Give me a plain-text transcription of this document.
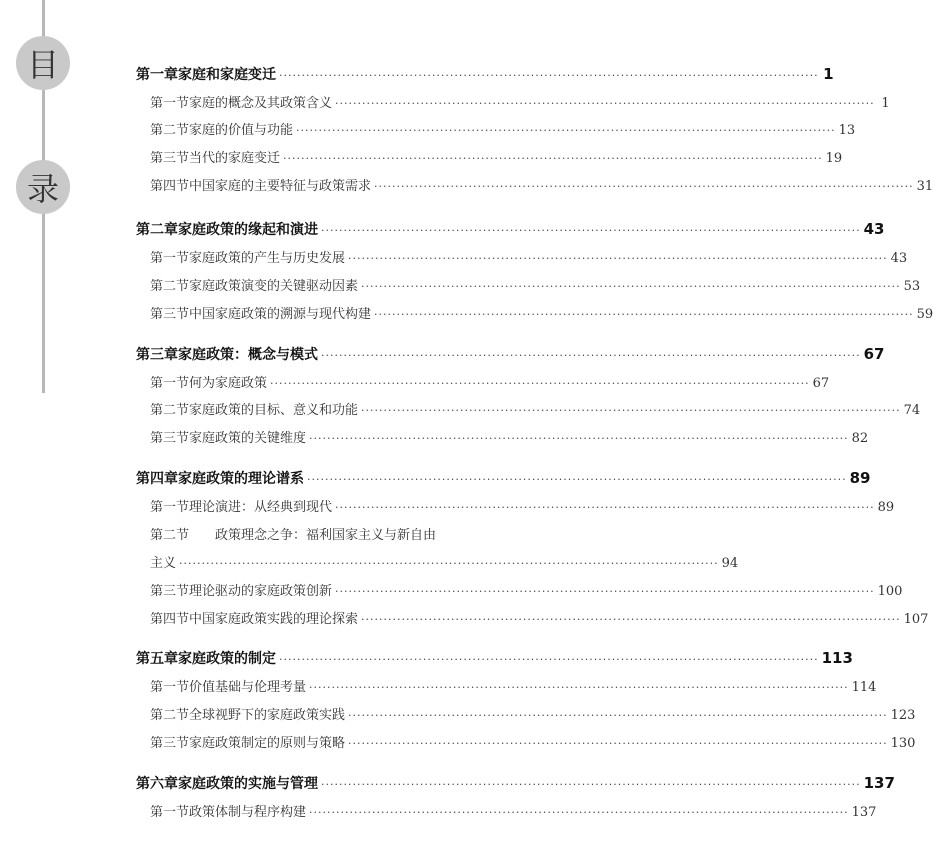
目
录
第一章 家庭和家庭变迁 ························································································································ 1
第一节 家庭的概念及其政策含义 ························································································································ 1
第二节 家庭的价值与功能 ························································································································ 13
第三节 当代的家庭变迁 ························································································································ 19
第四节 中国家庭的主要特征与政策需求 ························································································································ 31
第二章 家庭政策的缘起和演进 ························································································································ 43
第一节 家庭政策的产生与历史发展 ························································································································ 43
第二节 家庭政策演变的关键驱动因素 ························································································································ 53
第三节 中国家庭政策的溯源与现代构建 ························································································································ 59
第三章 家庭政策：概念与模式 ························································································································ 67
第一节 何为家庭政策 ························································································································ 67
第二节 家庭政策的目标、意义和功能 ························································································································ 74
第三节 家庭政策的关键维度 ························································································································ 82
第四章 家庭政策的理论谱系 ························································································································ 89
第一节 理论演进：从经典到现代 ························································································································ 89
第二节	政策理念之争：福利国家主义与新自由
主义 ························································································································ 94
第三节 理论驱动的家庭政策创新 ························································································································ 100
第四节 中国家庭政策实践的理论探索 ························································································································ 107
第五章 家庭政策的制定 ························································································································ 113
第一节 价值基础与伦理考量 ························································································································ 114
第二节 全球视野下的家庭政策实践 ························································································································ 123
第三节 家庭政策制定的原则与策略 ························································································································ 130
第六章 家庭政策的实施与管理 ························································································································ 137
第一节 政策体制与程序构建 ························································································································ 137
